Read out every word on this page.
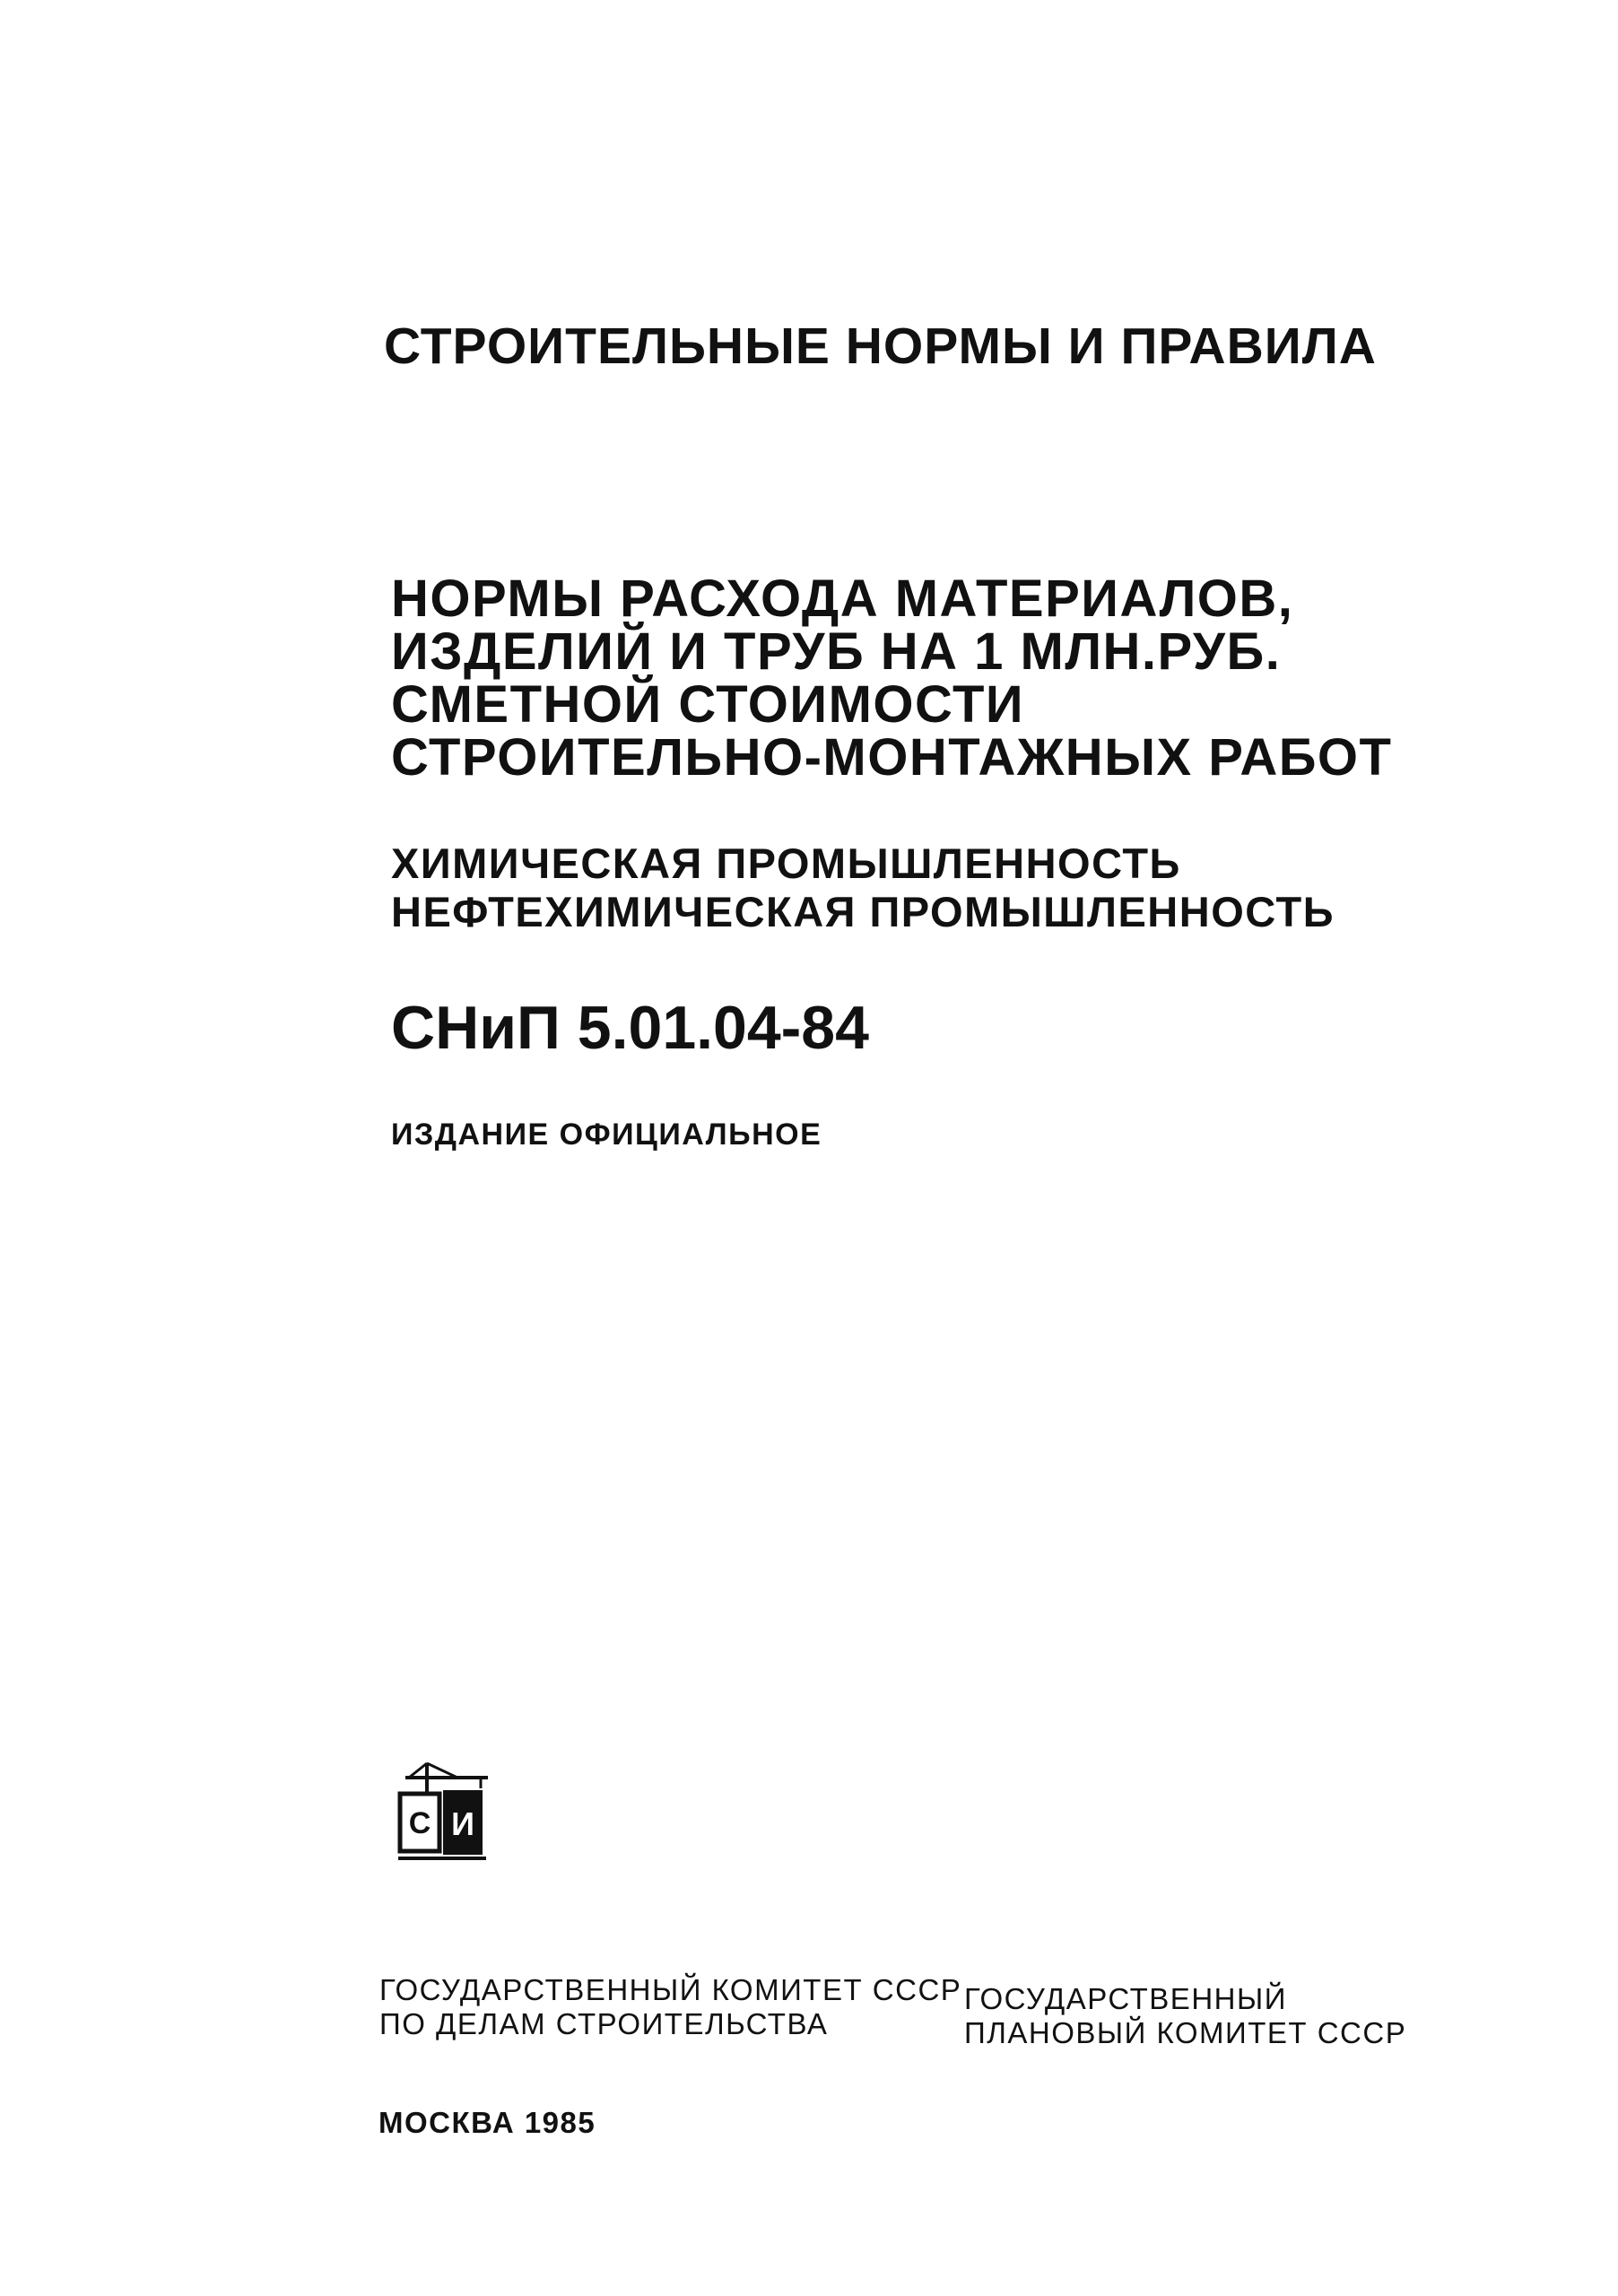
СТРОИТЕЛЬНЫЕ НОРМЫ И ПРАВИЛА
НОРМЫ РАСХОДА МАТЕРИАЛОВ,
ИЗДЕЛИЙ И ТРУБ НА 1 МЛН.РУБ.
СМЕТНОЙ СТОИМОСТИ
СТРОИТЕЛЬНО-МОНТАЖНЫХ РАБОТ
ХИМИЧЕСКАЯ ПРОМЫШЛЕННОСТЬ
НЕФТЕХИМИЧЕСКАЯ ПРОМЫШЛЕННОСТЬ
СНиП 5.01.04-84
ИЗДАНИЕ ОФИЦИАЛЬНОЕ
С И
ГОСУДАРСТВЕННЫЙ КОМИТЕТ СССР
ПО ДЕЛАМ СТРОИТЕЛЬСТВА
ГОСУДАРСТВЕННЫЙ
ПЛАНОВЫЙ КОМИТЕТ СССР
МОСКВА 1985
